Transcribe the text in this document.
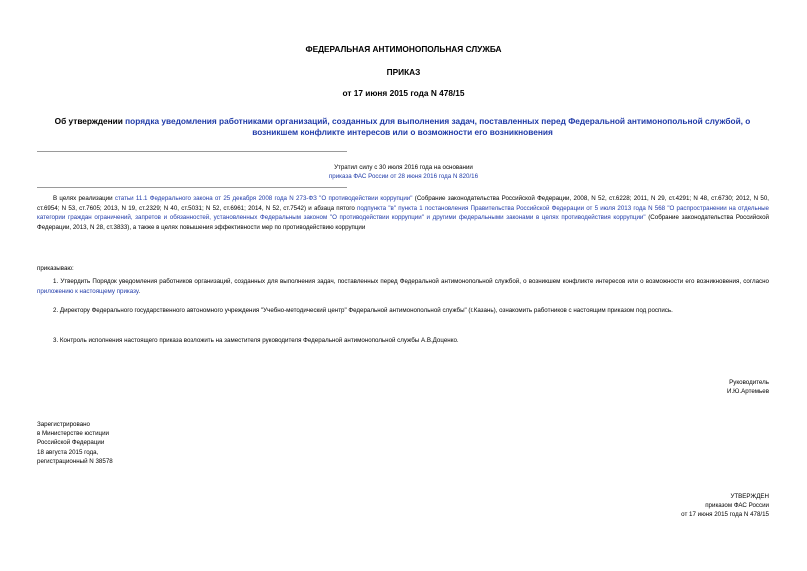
ФЕДЕРАЛЬНАЯ АНТИМОНОПОЛЬНАЯ СЛУЖБА
ПРИКАЗ
от 17 июня 2015 года N 478/15
Об утверждении порядка уведомления работниками организаций, созданных для выполнения задач, поставленных перед Федеральной антимонопольной службой, о возникшем конфликте интересов или о возможности его возникновения
Утратил силу с 30 июля 2016 года на основании
приказа ФАС России от 28 июня 2016 года N 820/16
В целях реализации статьи 11.1 Федерального закона от 25 декабря 2008 года N 273-ФЗ "О противодействии коррупции" (Собрание законодательства Российской Федерации, 2008, N 52, ст.6228; 2011, N 29, ст.4291; N 48, ст.6730; 2012, N 50, ст.6954; N 53, ст.7605; 2013, N 19, ст.2329; N 40, ст.5031; N 52, ст.6961; 2014, N 52, ст.7542) и абзаца пятого подпункта "в" пункта 1 постановления Правительства Российской Федерации от 5 июля 2013 года N 568 "О распространении на отдельные категории граждан ограничений, запретов и обязанностей, установленных Федеральным законом "О противодействии коррупции" и другими федеральными законами в целях противодействия коррупции" (Собрание законодательства Российской Федерации, 2013, N 28, ст.3833), а также в целях повышения эффективности мер по противодействию коррупции
приказываю:
1. Утвердить Порядок уведомления работников организаций, созданных для выполнения задач, поставленных перед Федеральной антимонопольной службой, о возникшем конфликте интересов или о возможности его возникновения, согласно приложению к настоящему приказу.
2. Директору Федерального государственного автономного учреждения "Учебно-методический центр" Федеральной антимонопольной службы" (г.Казань), ознакомить работников с настоящим приказом под роспись.
3. Контроль исполнения настоящего приказа возложить на заместителя руководителя Федеральной антимонопольной службы А.В.Доценко.
Руководитель
И.Ю.Артемьев
Зарегистрировано
в Министерстве юстиции
Российской Федерации
18 августа 2015 года,
регистрационный N 38578
УТВЕРЖДЕН
приказом ФАС России
от 17 июня 2015 года N 478/15
